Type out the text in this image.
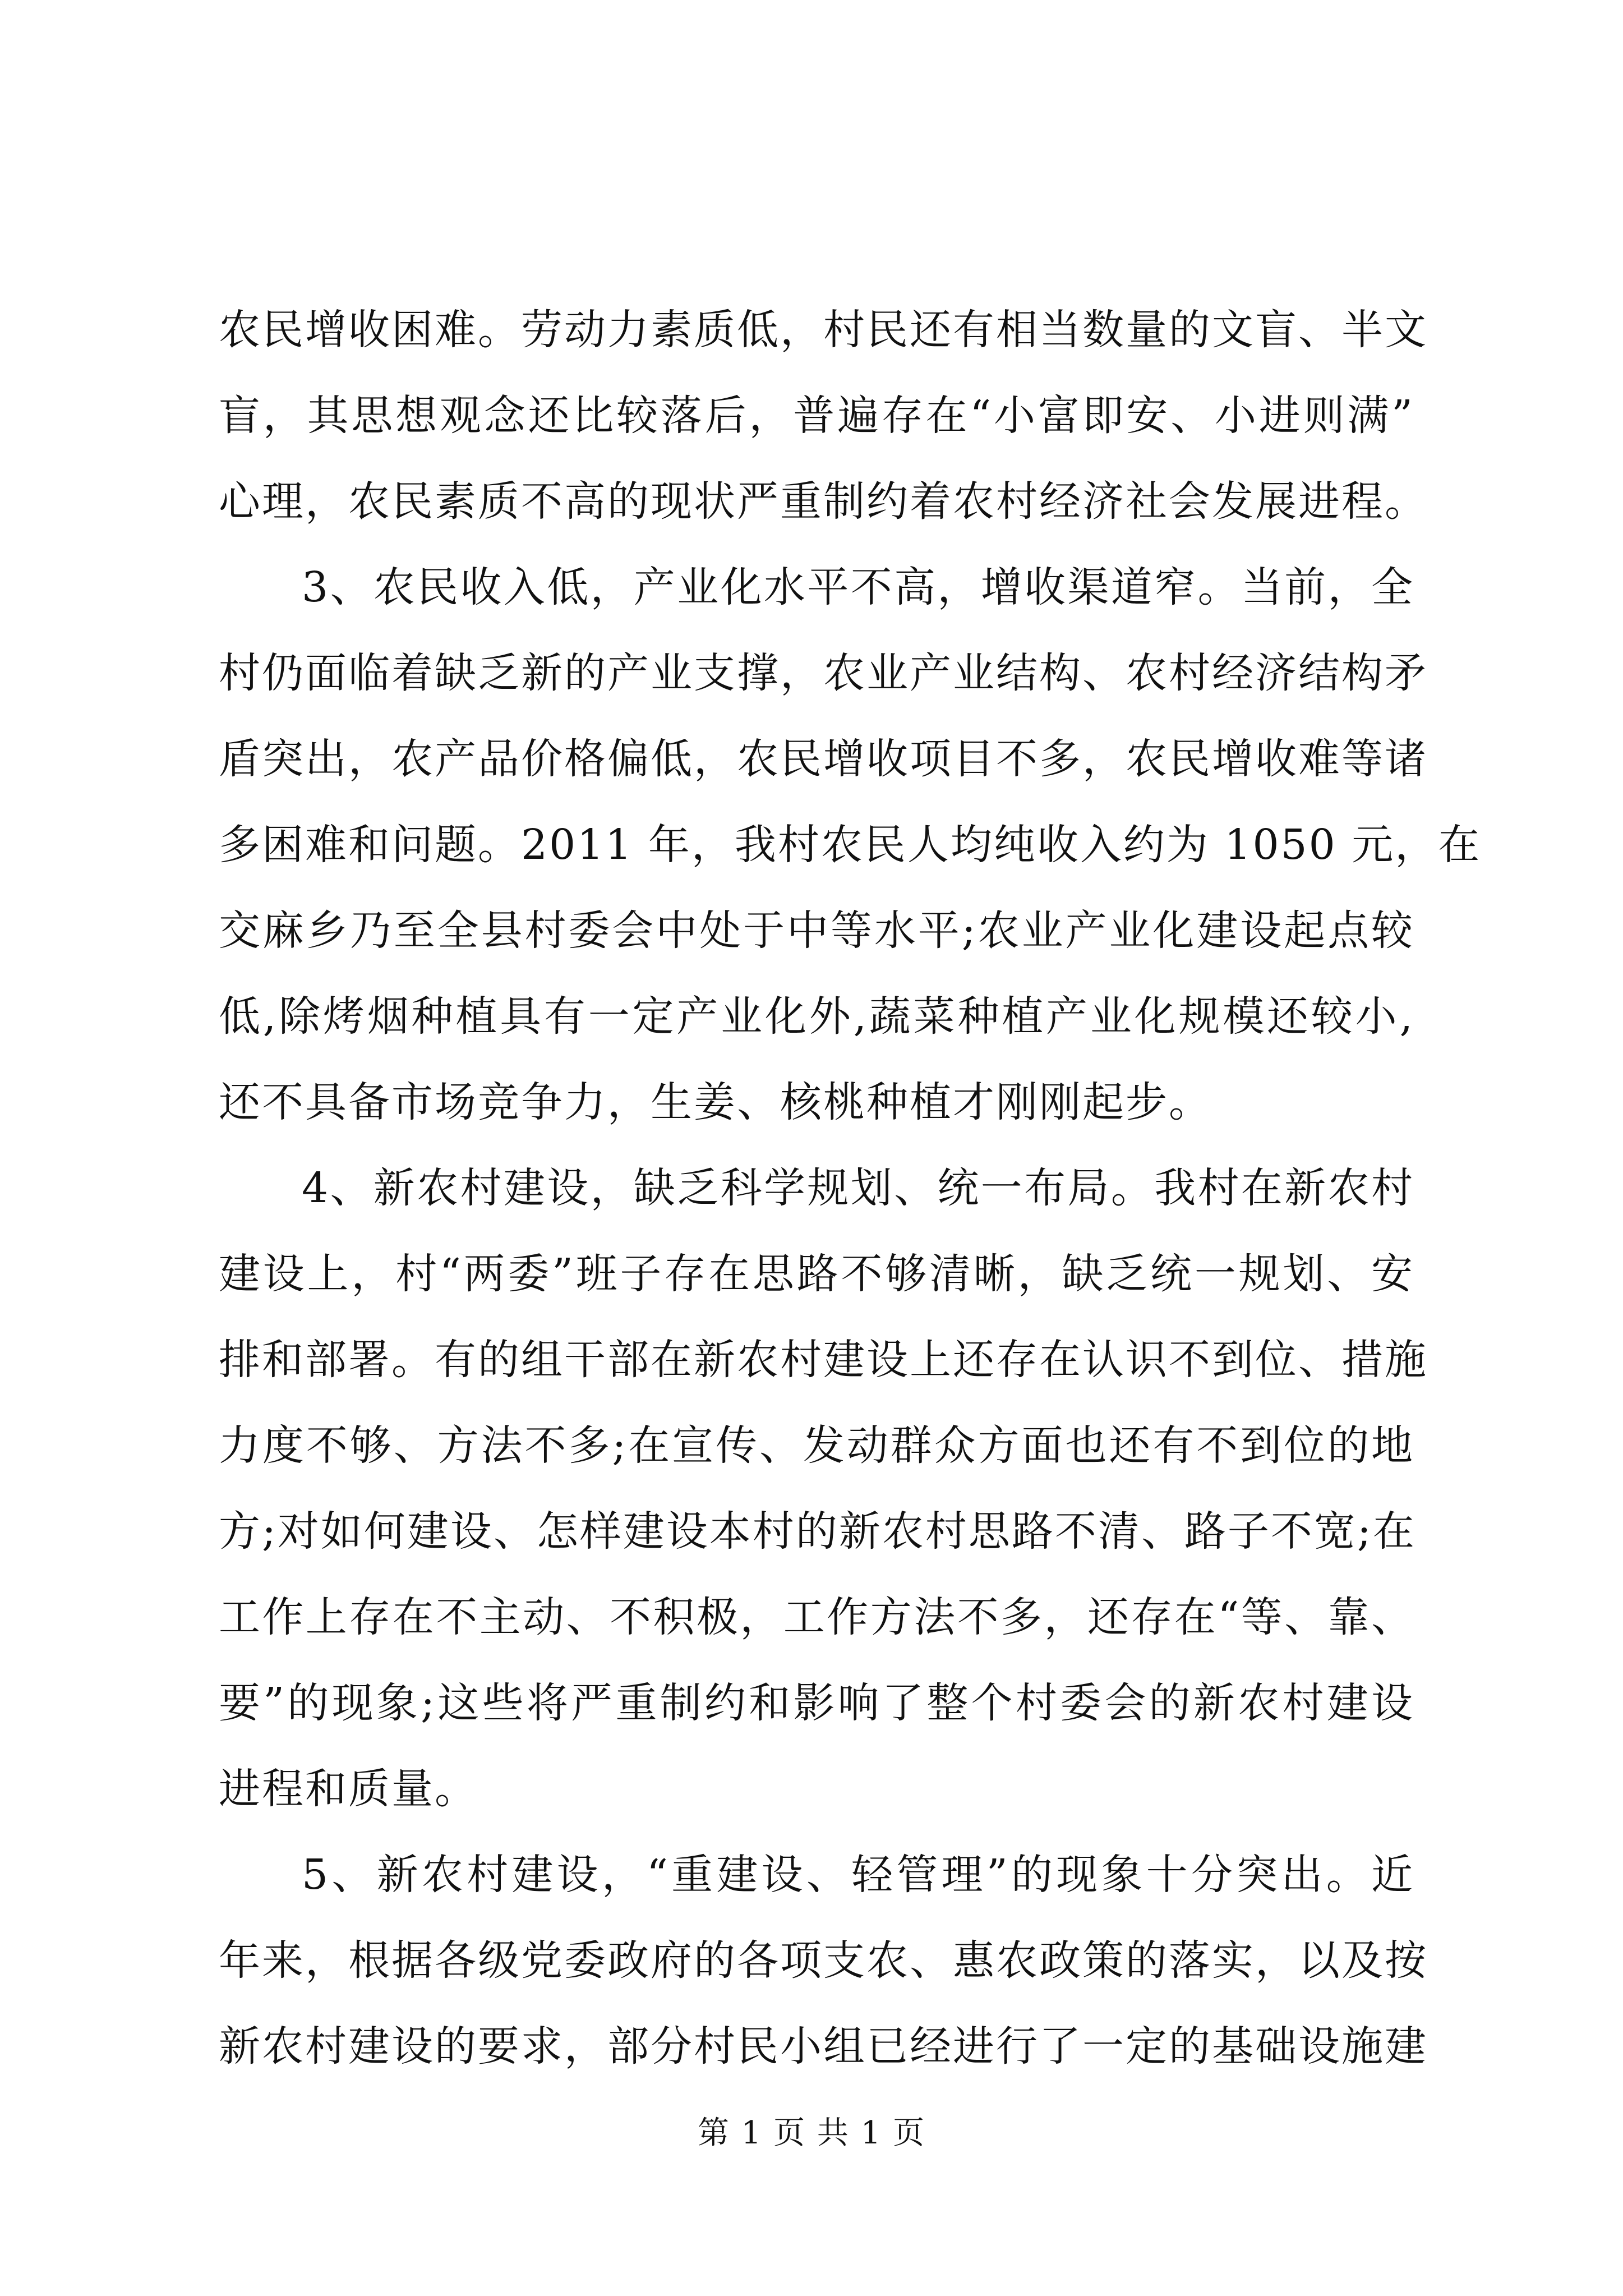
农民增收困难。劳动力素质低，村民还有相当数量的文盲、半文
盲，其思想观念还比较落后，普遍存在“小富即安、小进则满”
心理，农民素质不高的现状严重制约着农村经济社会发展进程。
3、农民收入低，产业化水平不高，增收渠道窄。当前，全
村仍面临着缺乏新的产业支撑，农业产业结构、农村经济结构矛
盾突出，农产品价格偏低，农民增收项目不多，农民增收难等诸
多困难和问题。2011 年，我村农民人均纯收入约为 1050 元，在
交麻乡乃至全县村委会中处于中等水平;农业产业化建设起点较
低,除烤烟种植具有一定产业化外,蔬菜种植产业化规模还较小,
还不具备市场竞争力，生姜、核桃种植才刚刚起步。
4、新农村建设，缺乏科学规划、统一布局。我村在新农村
建设上，村“两委”班子存在思路不够清晰，缺乏统一规划、安
排和部署。有的组干部在新农村建设上还存在认识不到位、措施
力度不够、方法不多;在宣传、发动群众方面也还有不到位的地
方;对如何建设、怎样建设本村的新农村思路不清、路子不宽;在
工作上存在不主动、不积极，工作方法不多，还存在“等、靠、
要”的现象;这些将严重制约和影响了整个村委会的新农村建设
进程和质量。
5、新农村建设，“重建设、轻管理”的现象十分突出。近
年来，根据各级党委政府的各项支农、惠农政策的落实，以及按
新农村建设的要求，部分村民小组已经进行了一定的基础设施建
第 1 页 共 1 页
